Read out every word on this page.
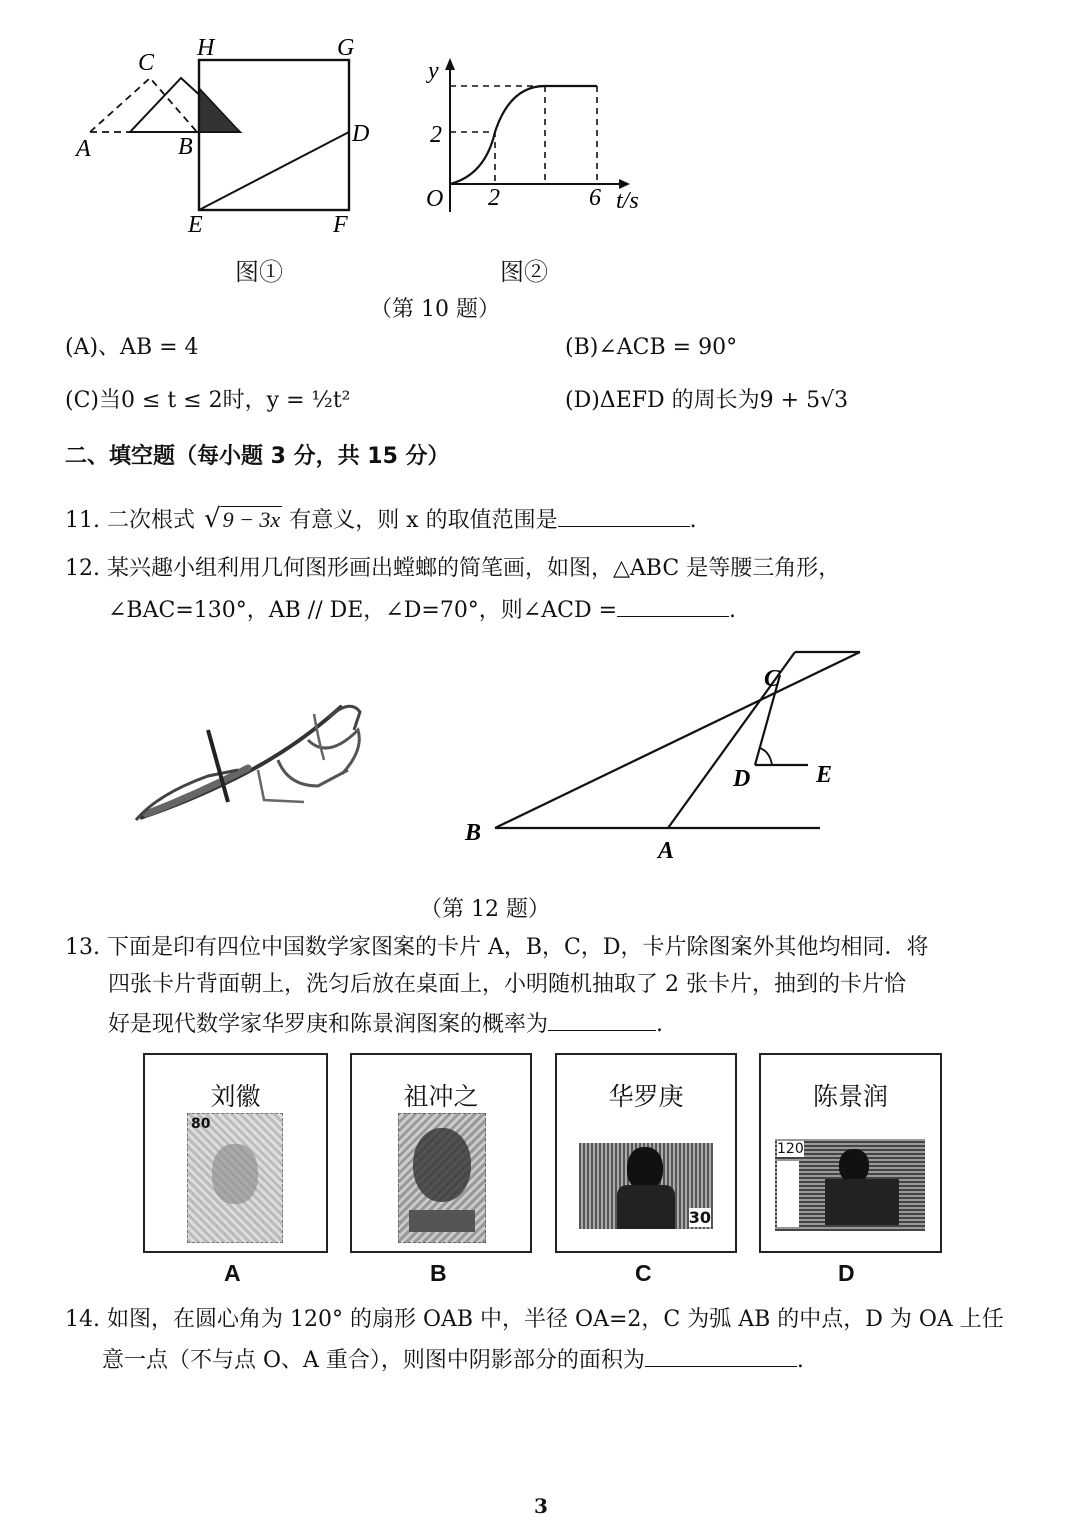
C
H	G
A	B	D
E	F
y
2
O 2	6 t/s
图①	图②
（第 10 题）
(A)、AB = 4	(B)∠ACB = 90°
(C)当0 ≤ t ≤ 2时，y = ½t²	(D)ΔEFD 的周长为9 + 5√3
二、填空题（每小题 3 分，共 15 分）
11. 二次根式 √9 − 3x 有意义，则 x 的取值范围是	.
12. 某兴趣小组利用几何图形画出螳螂的简笔画，如图，△ABC 是等腰三角形，
∠BAC=130°，AB // DE，∠D=70°，则∠ACD =	.
C
D	E
B
A
（第 12 题）
13. 下面是印有四位中国数学家图案的卡片 A，B，C，D，卡片除图案外其他均相同．将
四张卡片背面朝上，洗匀后放在桌面上，小明随机抽取了 2 张卡片，抽到的卡片恰
好是现代数学家华罗庚和陈景润图案的概率为	.
刘徽
80
祖冲之	华罗庚
30
陈景润
120
A	B	C	D
14. 如图，在圆心角为 120° 的扇形 OAB 中，半径 OA=2，C 为弧 AB 的中点，D 为 OA 上任
意一点（不与点 O、A 重合），则图中阴影部分的面积为	.
3
